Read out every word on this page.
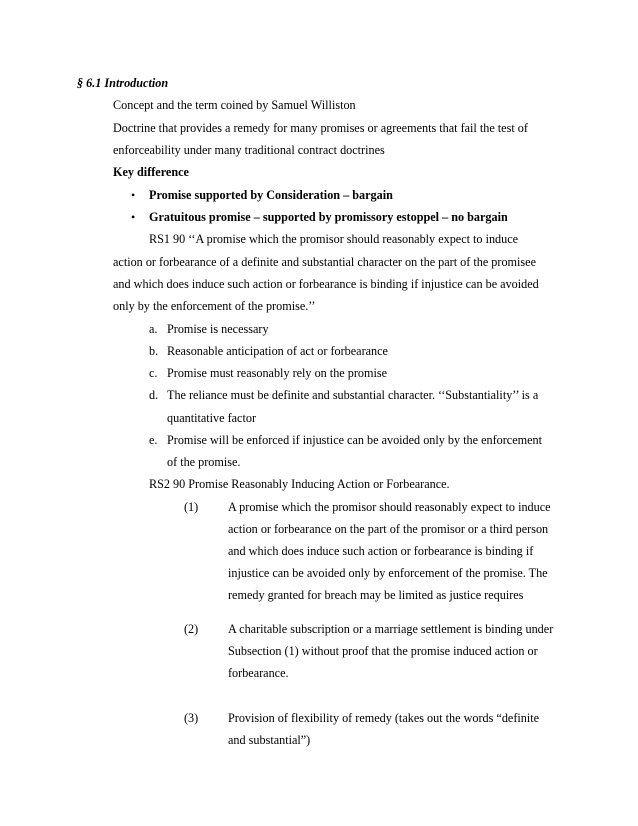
§ 6.1 Introduction
Concept and the term coined by Samuel Williston
Doctrine that provides a remedy for many promises or agreements that fail the test of
enforceability under many traditional contract doctrines
Key difference
• Promise supported by Consideration – bargain
• Gratuitous promise – supported by promissory estoppel – no bargain
RS1 90 ‘‘A promise which the promisor should reasonably expect to induce
action or forbearance of a definite and substantial character on the part of the promisee
and which does induce such action or forbearance is binding if injustice can be avoided
only by the enforcement of the promise.’’
a. Promise is necessary
b. Reasonable anticipation of act or forbearance
c. Promise must reasonably rely on the promise
d. The reliance must be definite and substantial character. ‘‘Substantiality’’ is a
quantitative factor
e. Promise will be enforced if injustice can be avoided only by the enforcement
of the promise.
RS2 90 Promise Reasonably Inducing Action or Forbearance.
(1) A promise which the promisor should reasonably expect to induce
action or forbearance on the part of the promisor or a third person
and which does induce such action or forbearance is binding if
injustice can be avoided only by enforcement of the promise. The
remedy granted for breach may be limited as justice requires
(2) A charitable subscription or a marriage settlement is binding under
Subsection (1) without proof that the promise induced action or
forbearance.
(3) Provision of flexibility of remedy (takes out the words “definite
and substantial”)
